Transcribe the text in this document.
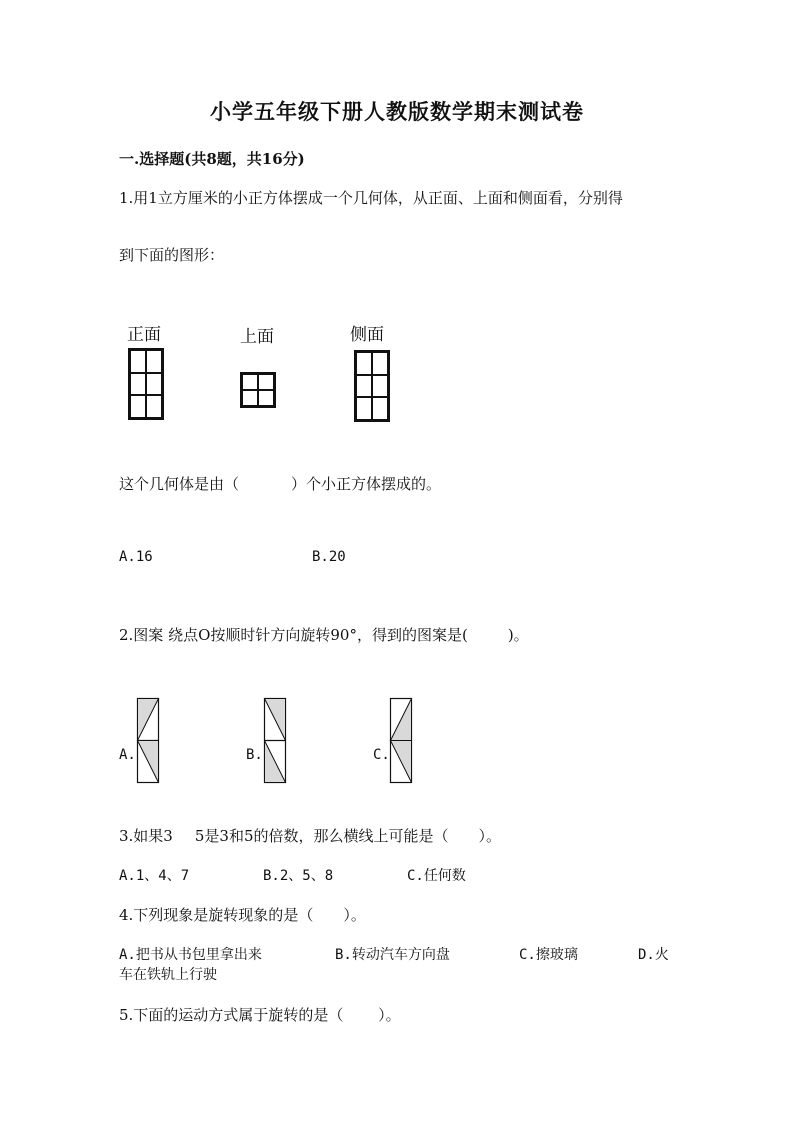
小学五年级下册人教版数学期末测试卷
一.选择题(共8题，共16分)
1.用1立方厘米的小正方体摆成一个几何体，从正面、上面和侧面看，分别得
到下面的图形：
正面	上面	侧面
这个几何体是由（	）个小正方体摆成的。
A.16	B.20
2.图案 绕点O按顺时针方向旋转90°，得到的图案是(	)。
A.	B.	C.
3.如果3 5是3和5的倍数，那么横线上可能是（ ）。
A.1、4、7	B.2、5、8	C.任何数
4.下列现象是旋转现象的是（　　）。
A.把书从书包里拿出来	B.转动汽车方向盘	C.擦玻璃	D.火
车在铁轨上行驶
5.下面的运动方式属于旋转的是（　　 ）。
